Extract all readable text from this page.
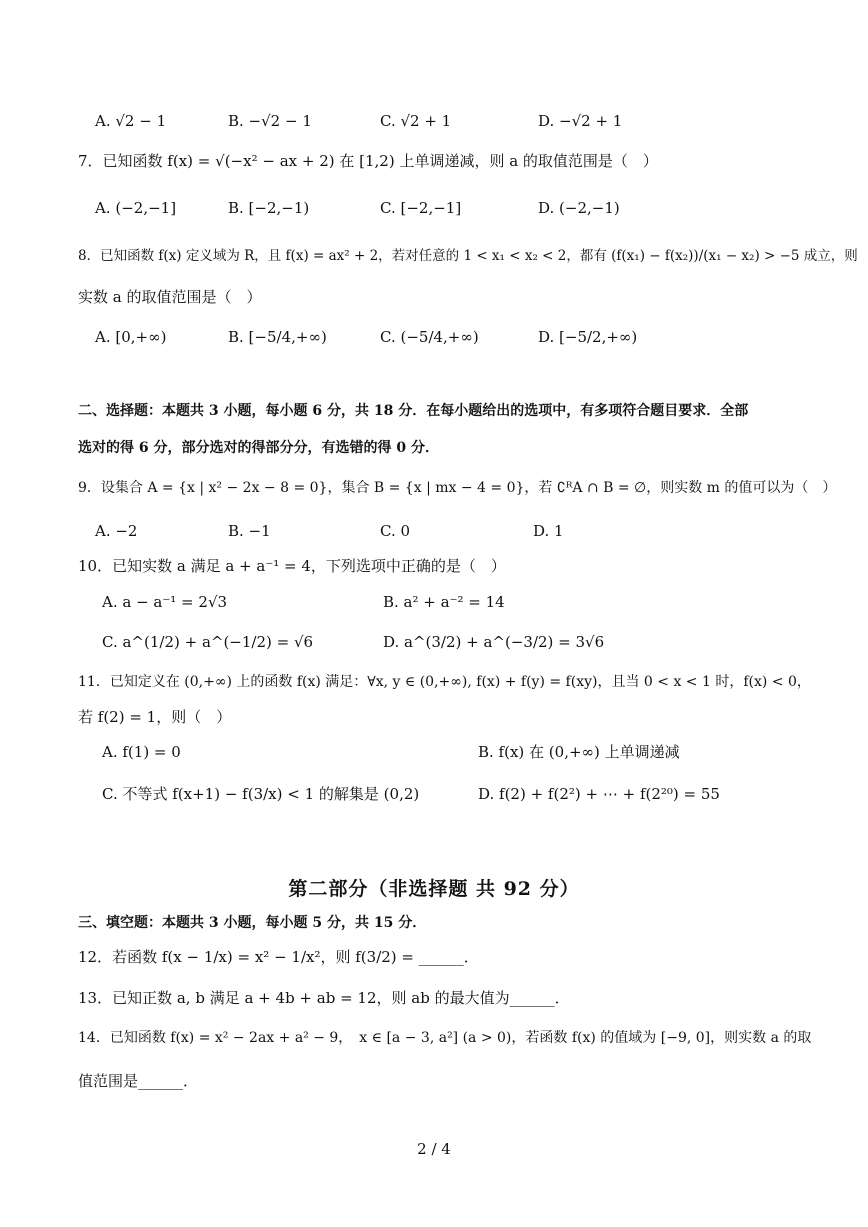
A. √2 − 1	B. −√2 − 1	C. √2 + 1	D. −√2 + 1
7．已知函数 f(x) = √(−x² − ax + 2) 在 [1,2) 上单调递减，则 a 的取值范围是（　）
A. (−2,−1]	B. [−2,−1)	C. [−2,−1]	D. (−2,−1)
8．已知函数 f(x) 定义域为 R，且 f(x) = ax² + 2，若对任意的 1 < x₁ < x₂ < 2，都有 (f(x₁) − f(x₂))/(x₁ − x₂) > −5 成立，则
实数 a 的取值范围是（　）
A. [0,+∞)	B. [−5/4,+∞)	C. (−5/4,+∞)	D. [−5/2,+∞)
二、选择题：本题共 3 小题，每小题 6 分，共 18 分．在每小题给出的选项中，有多项符合题目要求．全部
选对的得 6 分，部分选对的得部分分，有选错的得 0 分．
9．设集合 A = {x | x² − 2x − 8 = 0}，集合 B = {x | mx − 4 = 0}，若 ∁ᴿA ∩ B = ∅，则实数 m 的值可以为（　）
A. −2	B. −1	C. 0	D. 1
10．已知实数 a 满足 a + a⁻¹ = 4，下列选项中正确的是（　）
A. a − a⁻¹ = 2√3	B. a² + a⁻² = 14
C. a^(1/2) + a^(−1/2) = √6	D. a^(3/2) + a^(−3/2) = 3√6
11．已知定义在 (0,+∞) 上的函数 f(x) 满足：∀x, y ∈ (0,+∞), f(x) + f(y) = f(xy)，且当 0 < x < 1 时，f(x) < 0，
若 f(2) = 1，则（　）
A. f(1) = 0	B. f(x) 在 (0,+∞) 上单调递减
C. 不等式 f(x+1) − f(3/x) < 1 的解集是 (0,2)	D. f(2) + f(2²) + ⋯ + f(2²⁰) = 55
第二部分（非选择题 共 92 分）
三、填空题：本题共 3 小题，每小题 5 分，共 15 分．
12．若函数 f(x − 1/x) = x² − 1/x²，则 f(3/2) = ______．
13．已知正数 a, b 满足 a + 4b + ab = 12，则 ab 的最大值为______．
14．已知函数 f(x) = x² − 2ax + a² − 9，　x ∈ [a − 3, a²] (a > 0)，若函数 f(x) 的值域为 [−9, 0]，则实数 a 的取
值范围是______．
2 / 4
